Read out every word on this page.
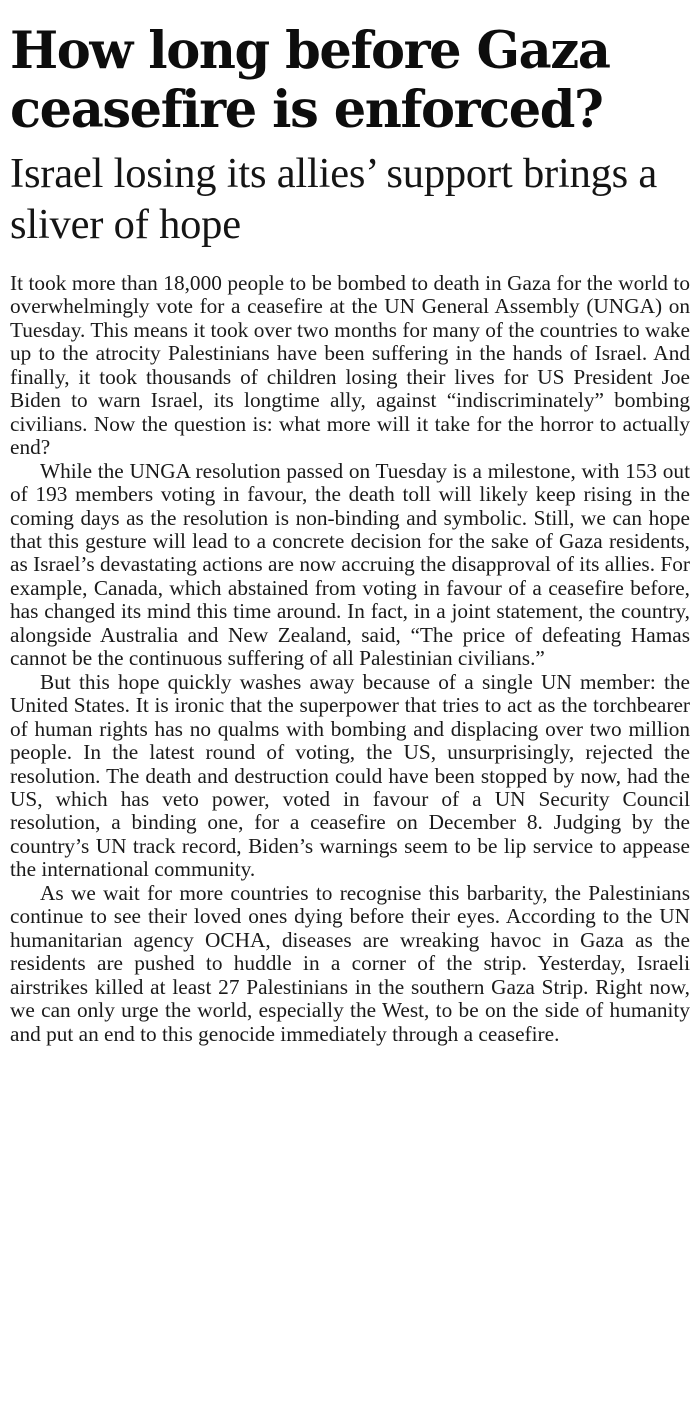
How long before Gaza ceasefire is enforced?
Israel losing its allies’ support brings a sliver of hope

It took more than 18,000 people to be bombed to death in Gaza for the world to overwhelmingly vote for a ceasefire at the UN General Assembly (UNGA) on Tuesday. This means it took over two months for many of the countries to wake up to the atrocity Palestinians have been suffering in the hands of Israel. And finally, it took thousands of children losing their lives for US President Joe Biden to warn Israel, its longtime ally, against “indiscriminately” bombing civilians. Now the question is: what more will it take for the horror to actually end?

While the UNGA resolution passed on Tuesday is a milestone, with 153 out of 193 members voting in favour, the death toll will likely keep rising in the coming days as the resolution is non-binding and symbolic. Still, we can hope that this gesture will lead to a concrete decision for the sake of Gaza residents, as Israel’s devastating actions are now accruing the disapproval of its allies. For example, Canada, which abstained from voting in favour of a ceasefire before, has changed its mind this time around. In fact, in a joint statement, the country, alongside Australia and New Zealand, said, “The price of defeating Hamas cannot be the continuous suffering of all Palestinian civilians.”

But this hope quickly washes away because of a single UN member: the United States. It is ironic that the superpower that tries to act as the torchbearer of human rights has no qualms with bombing and displacing over two million people. In the latest round of voting, the US, unsurprisingly, rejected the resolution. The death and destruction could have been stopped by now, had the US, which has veto power, voted in favour of a UN Security Council resolution, a binding one, for a ceasefire on December 8. Judging by the country’s UN track record, Biden’s warnings seem to be lip service to appease the international community.

As we wait for more countries to recognise this barbarity, the Palestinians continue to see their loved ones dying before their eyes. According to the UN humanitarian agency OCHA, diseases are wreaking havoc in Gaza as the residents are pushed to huddle in a corner of the strip. Yesterday, Israeli airstrikes killed at least 27 Palestinians in the southern Gaza Strip. Right now, we can only urge the world, especially the West, to be on the side of humanity and put an end to this genocide immediately through a ceasefire.
